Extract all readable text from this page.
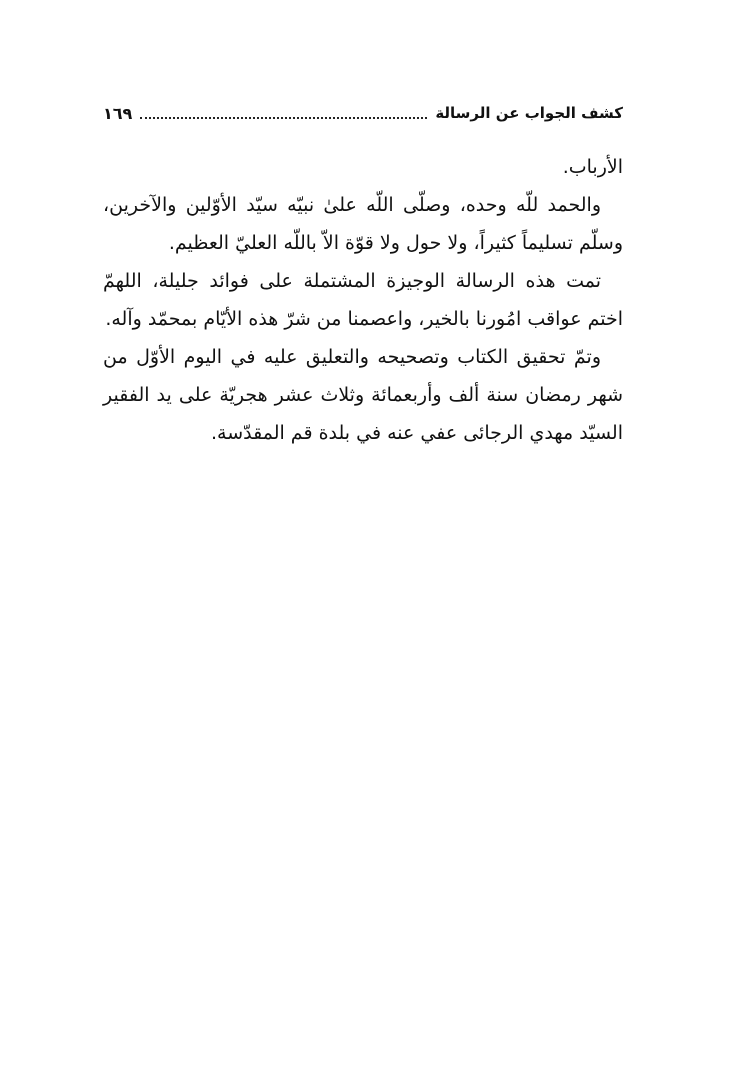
كشف الجواب عن الرسالة
١٦٩

الأرباب.

والحمد للّه وحده، وصلّى اللّه علىٰ نبيّه سيّد الأوّلين والآخرين، وسلّم تسليماً كثيراً، ولا حول ولا قوّة الاّ باللّه العليّ العظيم.

تمت هذه الرسالة الوجيزة المشتملة على فوائد جليلة، اللهمّ اختم عواقب امُورنا بالخير، واعصمنا من شرّ هذه الأيّام بمحمّد وآله.

وتمّ تحقيق الكتاب وتصحيحه والتعليق عليه في اليوم الأوّل من شهر رمضان سنة ألف وأربعمائة وثلاث عشر هجريّة على يد الفقير السيّد مهدي الرجائى عفي عنه في بلدة قم المقدّسة.
